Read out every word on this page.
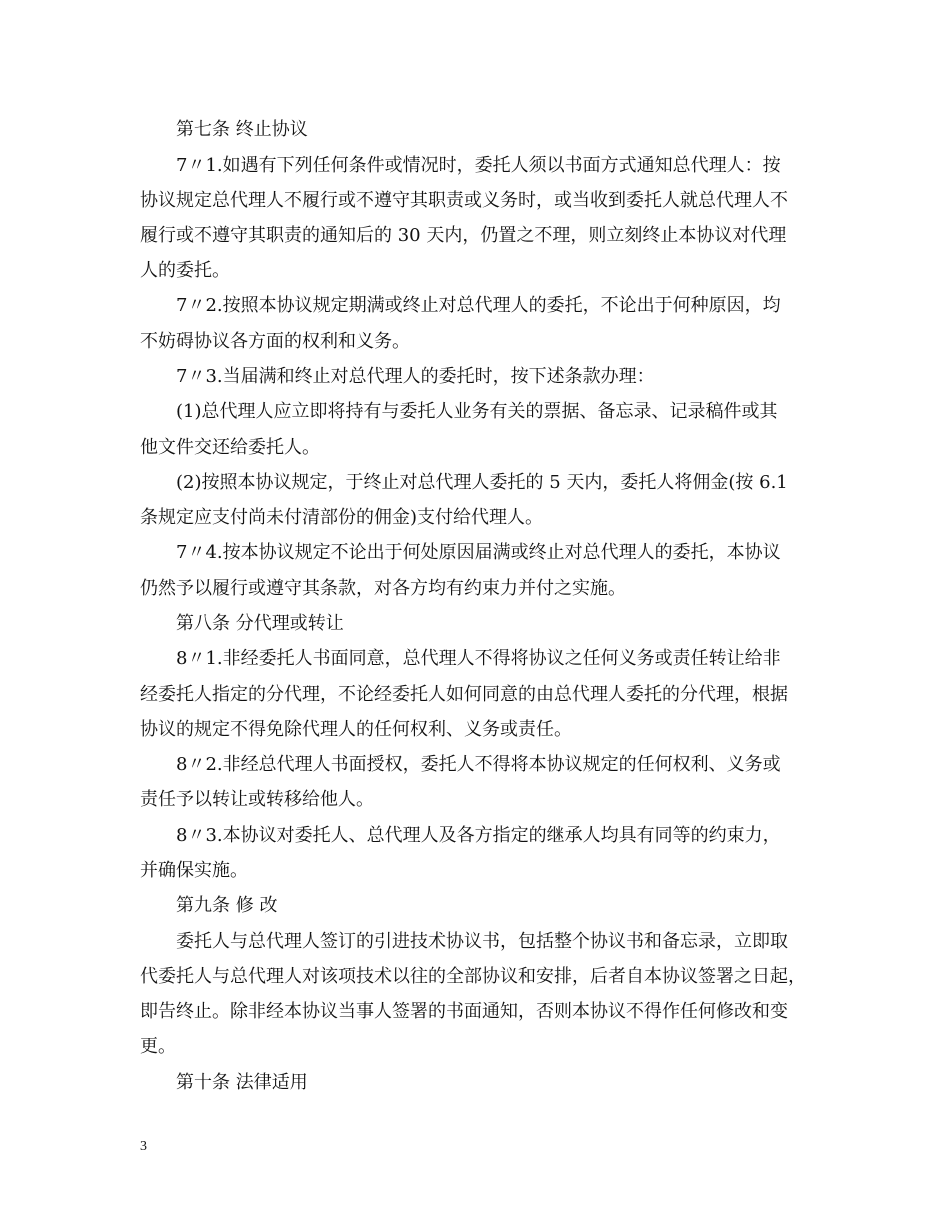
第七条 终止协议
7〃1.如遇有下列任何条件或情况时，委托人须以书面方式通知总代理人：按
协议规定总代理人不履行或不遵守其职责或义务时，或当收到委托人就总代理人不
履行或不遵守其职责的通知后的 30 天内，仍置之不理，则立刻终止本协议对代理
人的委托。
7〃2.按照本协议规定期满或终止对总代理人的委托，不论出于何种原因，均
不妨碍协议各方面的权利和义务。
7〃3.当届满和终止对总代理人的委托时，按下述条款办理：
(1)总代理人应立即将持有与委托人业务有关的票据、备忘录、记录稿件或其
他文件交还给委托人。
(2)按照本协议规定，于终止对总代理人委托的 5 天内，委托人将佣金(按 6.1
条规定应支付尚未付清部份的佣金)支付给代理人。
7〃4.按本协议规定不论出于何处原因届满或终止对总代理人的委托，本协议
仍然予以履行或遵守其条款，对各方均有约束力并付之实施。
第八条 分代理或转让
8〃1.非经委托人书面同意，总代理人不得将协议之任何义务或责任转让给非
经委托人指定的分代理，不论经委托人如何同意的由总代理人委托的分代理，根据
协议的规定不得免除代理人的任何权利、义务或责任。
8〃2.非经总代理人书面授权，委托人不得将本协议规定的任何权利、义务或
责任予以转让或转移给他人。
8〃3.本协议对委托人、总代理人及各方指定的继承人均具有同等的约束力，
并确保实施。
第九条 修 改
委托人与总代理人签订的引进技术协议书，包括整个协议书和备忘录，立即取
代委托人与总代理人对该项技术以往的全部协议和安排，后者自本协议签署之日起，
即告终止。除非经本协议当事人签署的书面通知，否则本协议不得作任何修改和变
更。
第十条 法律适用
3
